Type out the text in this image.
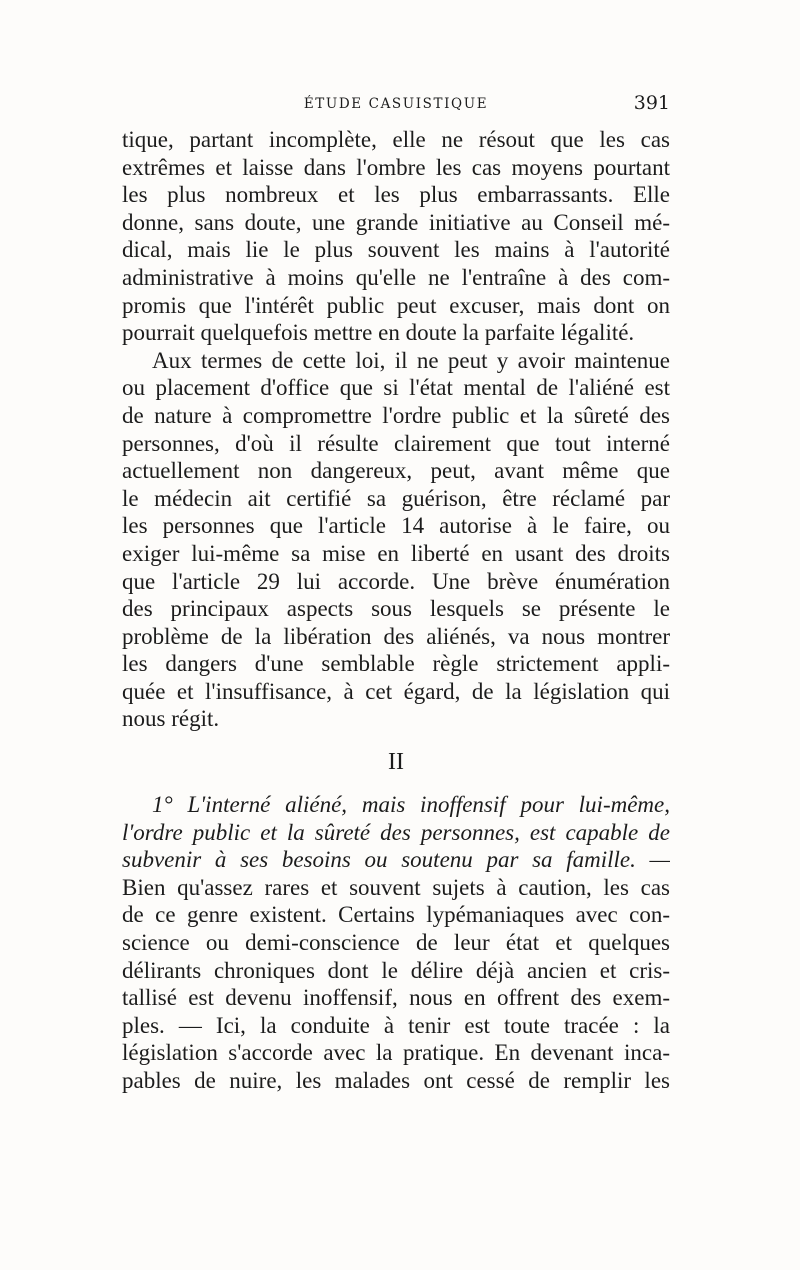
ÉTUDE CASUISTIQUE	391
tique, partant incomplète, elle ne résout que les cas
extrêmes et laisse dans l'ombre les cas moyens pourtant
les plus nombreux et les plus embarrassants. Elle
donne, sans doute, une grande initiative au Conseil mé-
dical, mais lie le plus souvent les mains à l'autorité
administrative à moins qu'elle ne l'entraîne à des com-
promis que l'intérêt public peut excuser, mais dont on
pourrait quelquefois mettre en doute la parfaite légalité.
Aux termes de cette loi, il ne peut y avoir maintenue
ou placement d'office que si l'état mental de l'aliéné est
de nature à compromettre l'ordre public et la sûreté des
personnes, d'où il résulte clairement que tout interné
actuellement non dangereux, peut, avant même que
le médecin ait certifié sa guérison, être réclamé par
les personnes que l'article 14 autorise à le faire, ou
exiger lui-même sa mise en liberté en usant des droits
que l'article 29 lui accorde. Une brève énumération
des principaux aspects sous lesquels se présente le
problème de la libération des aliénés, va nous montrer
les dangers d'une semblable règle strictement appli-
quée et l'insuffisance, à cet égard, de la législation qui
nous régit.
II
1° L'interné aliéné, mais inoffensif pour lui-même,
l'ordre public et la sûreté des personnes, est capable de
subvenir à ses besoins ou soutenu par sa famille. —
Bien qu'assez rares et souvent sujets à caution, les cas
de ce genre existent. Certains lypémaniaques avec con-
science ou demi-conscience de leur état et quelques
délirants chroniques dont le délire déjà ancien et cris-
tallisé est devenu inoffensif, nous en offrent des exem-
ples. — Ici, la conduite à tenir est toute tracée : la
législation s'accorde avec la pratique. En devenant inca-
pables de nuire, les malades ont cessé de remplir les
